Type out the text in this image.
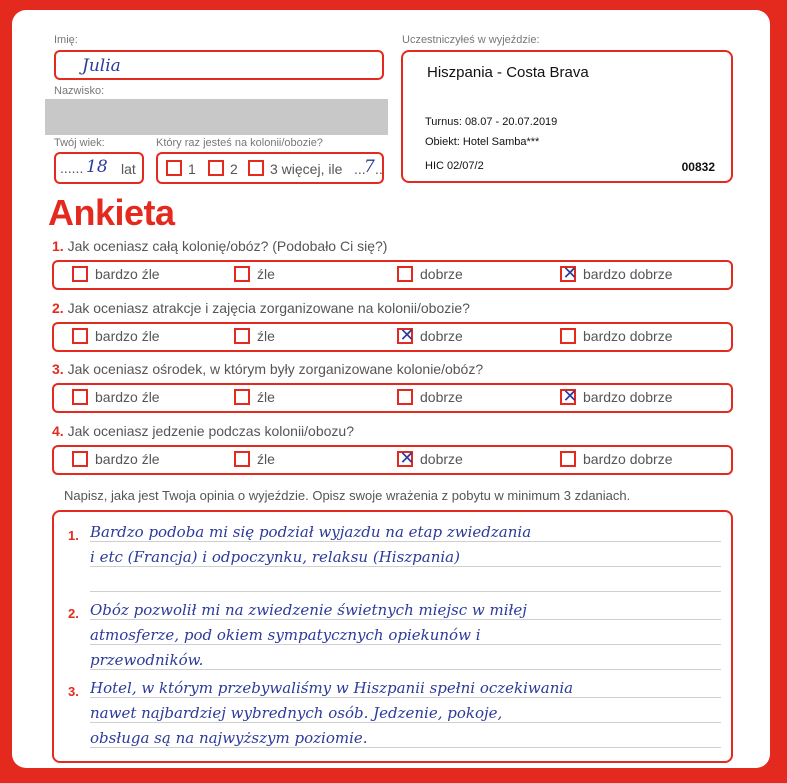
Imię:
Julia
Nazwisko:
Twój wiek:
...... 18 lat
Który raz jesteś na kolonii/obozie?
1 2 3 więcej, ile ...
7 ..
Uczestniczyłeś w wyjeździe:
Hiszpania - Costa Brava
Turnus: 08.07 - 20.07.2019
Obiekt: Hotel Samba***
HIC 02/07/2	00832
Ankieta
1. Jak oceniasz całą kolonię/obóz? (Podobało Ci się?)
bardzo źle	źle	dobrze	✕ bardzo dobrze
2. Jak oceniasz atrakcje i zajęcia zorganizowane na kolonii/obozie?
bardzo źle	źle	✕ dobrze	bardzo dobrze
3. Jak oceniasz ośrodek, w którym były zorganizowane kolonie/obóz?
bardzo źle	źle	dobrze	✕ bardzo dobrze
4. Jak oceniasz jedzenie podczas kolonii/obozu?
bardzo źle	źle	✕ dobrze	bardzo dobrze
Napisz, jaka jest Twoja opinia o wyjeździe. Opisz swoje wrażenia z pobytu w minimum 3 zdaniach.
1. Bardzo podoba mi się podział wyjazdu na etap zwiedzania
i etc (Francja) i odpoczynku, relaksu (Hiszpania)
2. Obóz pozwolił mi na zwiedzenie świetnych miejsc w miłej
atmosferze, pod okiem sympatycznych opiekunów i
przewodników.
3. Hotel, w którym przebywaliśmy w Hiszpanii spełni oczekiwania
nawet najbardziej wybrednych osób. Jedzenie, pokoje,
obsługa są na najwyższym poziomie.
